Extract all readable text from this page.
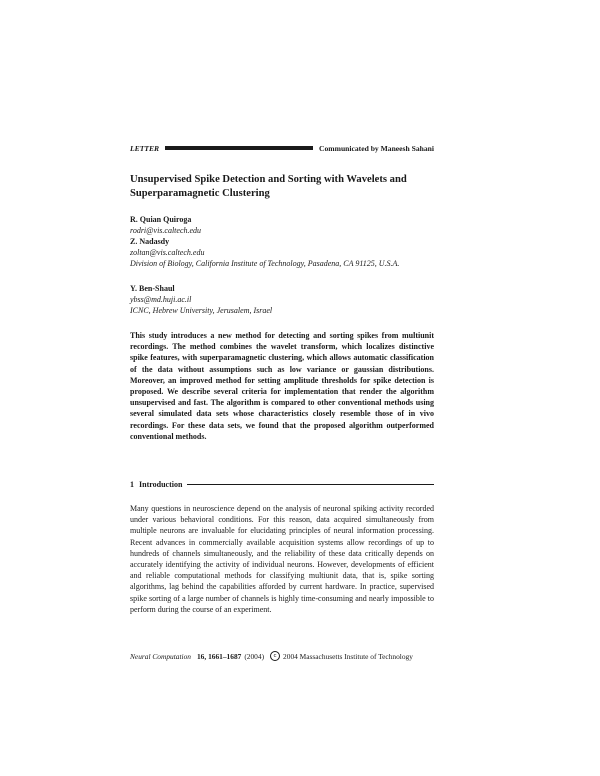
LETTER	Communicated by Maneesh Sahani
Unsupervised Spike Detection and Sorting with Wavelets and Superparamagnetic Clustering
R. Quian Quiroga
rodri@vis.caltech.edu
Z. Nadasdy
zoltan@vis.caltech.edu
Division of Biology, California Institute of Technology, Pasadena, CA 91125, U.S.A.
Y. Ben-Shaul
ybss@md.huji.ac.il
ICNC, Hebrew University, Jerusalem, Israel

This study introduces a new method for detecting and sorting spikes from multiunit recordings. The method combines the wavelet transform, which localizes distinctive spike features, with superparamagnetic clustering, which allows automatic classification of the data without assumptions such as low variance or gaussian distributions. Moreover, an improved method for setting amplitude thresholds for spike detection is proposed. We describe several criteria for implementation that render the algorithm unsupervised and fast. The algorithm is compared to other conventional methods using several simulated data sets whose characteristics closely resemble those of in vivo recordings. For these data sets, we found that the proposed algorithm outperformed conventional methods.

1 Introduction

Many questions in neuroscience depend on the analysis of neuronal spiking activity recorded under various behavioral conditions. For this reason, data acquired simultaneously from multiple neurons are invaluable for elucidating principles of neural information processing. Recent advances in commercially available acquisition systems allow recordings of up to hundreds of channels simultaneously, and the reliability of these data critically depends on accurately identifying the activity of individual neurons. However, developments of efficient and reliable computational methods for classifying multiunit data, that is, spike sorting algorithms, lag behind the capabilities afforded by current hardware. In practice, supervised spike sorting of a large number of channels is highly time-consuming and nearly impossible to perform during the course of an experiment.

Neural Computation 16, 1661–1687 (2004)	c 2004 Massachusetts Institute of Technology
